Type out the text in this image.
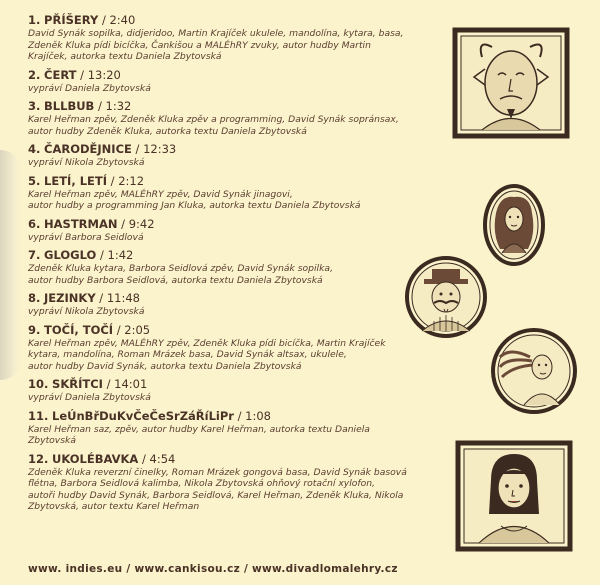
1. PŘÍŠERY / 2:40
David Synák sopilka, didjeridoo, Martin Krajíček ukulele, mandolína, kytara, basa,
Zdeněk Kluka pídi bicíčka, Čankišou a MALÉhRY zvuky, autor hudby Martin
Krajíček, autorka textu Daniela Zbytovská
2. ČERT / 13:20
vypráví Daniela Zbytovská
3. BLLBUB / 1:32
Karel Heřman zpěv, Zdeněk Kluka zpěv a programming, David Synák sopránsax,
autor hudby Zdeněk Kluka, autorka textu Daniela Zbytovská
4. ČARODĚJNICE / 12:33
vypráví Nikola Zbytovská
5. LETÍ, LETÍ / 2:12
Karel Heřman zpěv, MALÉhRY zpěv, David Synák jinagovi,
autor hudby a programming Jan Kluka, autorka textu Daniela Zbytovská
6. HASTRMAN / 9:42
vypráví Barbora Seidlová
7. GLOGLO / 1:42
Zdeněk Kluka kytara, Barbora Seidlová zpěv, David Synák sopilka,
autor hudby Barbora Seidlová, autorka textu Daniela Zbytovská
8. JEZINKY / 11:48
vypráví Nikola Zbytovská
9. TOČÍ, TOČÍ / 2:05
Karel Heřman zpěv, MALÉhRY zpěv, Zdeněk Kluka pídi bicíčka, Martin Krajíček
kytara, mandolína, Roman Mrázek basa, David Synák altsax, ukulele,
autor hudby David Synák, autorka textu Daniela Zbytovská
10. SKŘÍTCI / 14:01
vypráví Daniela Zbytovská
11. LeÚnBřDuKvČeČeSrZáŘíLiPr / 1:08
Karel Heřman saz, zpěv, autor hudby Karel Heřman, autorka textu Daniela
Zbytovská
12. UKOLÉBAVKA / 4:54
Zdeněk Kluka reverzní činelky, Roman Mrázek gongová basa, David Synák basová
flétna, Barbora Seidlová kalimba, Nikola Zbytovská ohňový rotační xylofon,
autoři hudby David Synák, Barbora Seidlová, Karel Heřman, Zdeněk Kluka, Nikola
Zbytovská, autor textu Karel Heřman
www. indies.eu / www.cankisou.cz / www.divadlomalehry.cz
